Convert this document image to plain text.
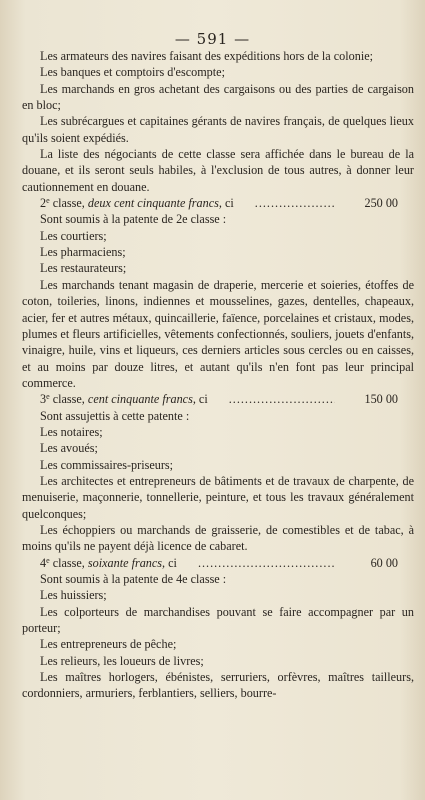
— 591 —
Les armateurs des navires faisant des expéditions hors de la colonie;
Les banques et comptoirs d'escompte;
Les marchands en gros achetant des cargaisons ou des parties de cargaison en bloc;
Les subrécargues et capitaines gérants de navires français, de quelques lieux qu'ils soient expédiés.
La liste des négociants de cette classe sera affichée dans le bureau de la douane, et ils seront seuls habiles, à l'exclusion de tous autres, à donner leur cautionnement en douane.
2e classe, deux cent cinquante francs, ci .....	250 00
Sont soumis à la patente de 2e classe :
Les courtiers;
Les pharmaciens;
Les restaurateurs;
Les marchands tenant magasin de draperie, mercerie et soieries, étoffes de coton, toileries, linons, indiennes et mousselines, gazes, dentelles, chapeaux, acier, fer et autres métaux, quincaillerie, faïence, porcelaines et cristaux, modes, plumes et fleurs artificielles, vêtements confectionnés, souliers, jouets d'enfants, vinaigre, huile, vins et liqueurs, ces derniers articles sous cercles ou en caisses, et au moins par douze litres, et autant qu'ils n'en font pas leur principal commerce.
3e classe, cent cinquante francs, ci .....	150 00
Sont assujettis à cette patente :
Les notaires;
Les avoués;
Les commissaires-priseurs;
Les architectes et entrepreneurs de bâtiments et de travaux de charpente, de menuiserie, maçonnerie, tonnellerie, peinture, et tous les travaux généralement quelconques;
Les échoppiers ou marchands de graisserie, de comestibles et de tabac, à moins qu'ils ne payent déjà licence de cabaret.
4e classe, soixante francs, ci .....	60 00
Sont soumis à la patente de 4e classe :
Les huissiers;
Les colporteurs de marchandises pouvant se faire accompagner par un porteur;
Les entrepreneurs de pêche;
Les relieurs, les loueurs de livres;
Les maîtres horlogers, ébénistes, serruriers, orfèvres, maîtres tailleurs, cordonniers, armuriers, ferblantiers, selliers, bourre-
